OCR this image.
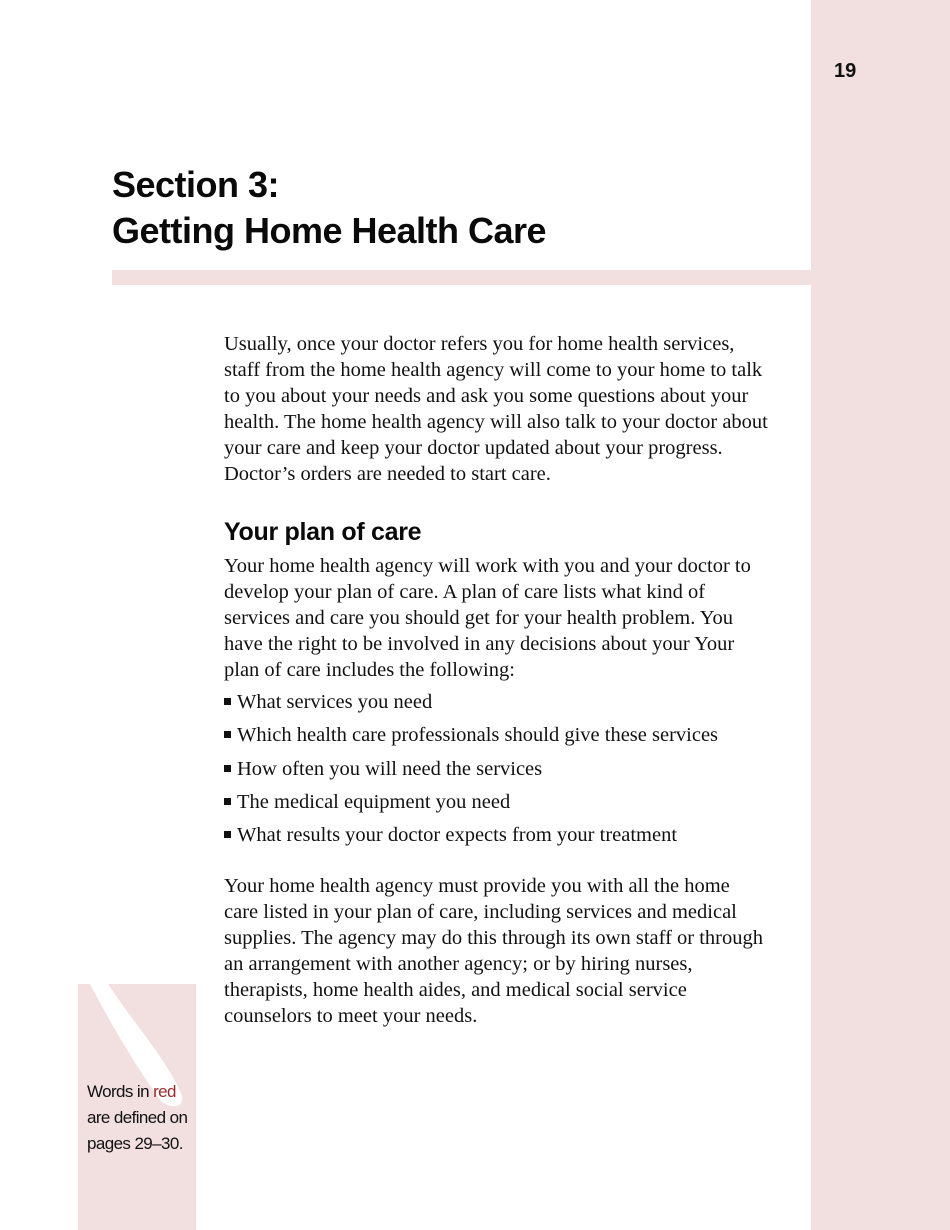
19
Section 3:
Getting Home Health Care

Usually, once your doctor refers you for home health services, staff from the home health agency will come to your home to talk to you about your needs and ask you some questions about your health. The home health agency will also talk to your doctor about your care and keep your doctor updated about your progress. Doctor’s orders are needed to start care.

Your plan of care

Your home health agency will work with you and your doctor to develop your plan of care. A plan of care lists what kind of services and care you should get for your health problem. You have the right to be involved in any decisions about your Your plan of care includes the following:

What services you need
Which health care professionals should give these services
How often you will need the services
The medical equipment you need
What results your doctor expects from your treatment

Your home health agency must provide you with all the home care listed in your plan of care, including services and medical supplies. The agency may do this through its own staff or through an arrangement with another agency; or by hiring nurses, therapists, home health aides, and medical social service counselors to meet your needs.

Words in red
are defined on
pages 29–30.
